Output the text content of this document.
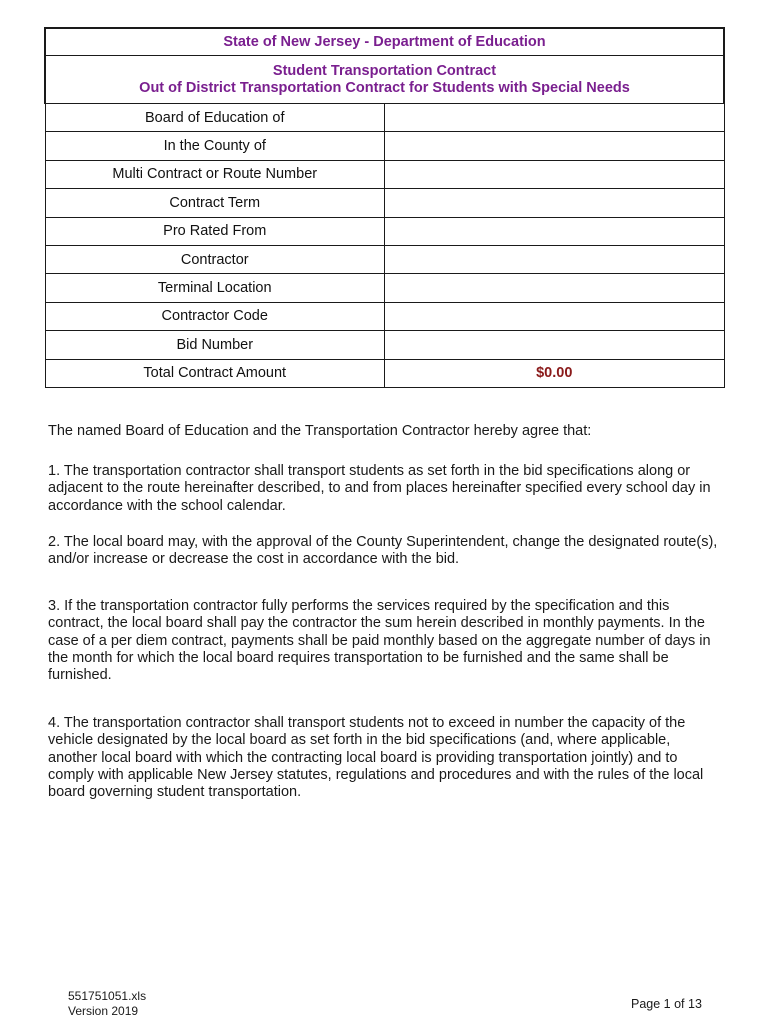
State of New Jersey - Department of Education	

Student Transportation Contract
Out of District Transportation Contract for Students with Special Needs	

Board of Education of	
In the County of	
Multi Contract or Route Number	
Contract Term	
Pro Rated From	
Contractor	
Terminal Location	
Contractor Code	
Bid Number	
Total Contract Amount	$0.00

The named Board of Education and the Transportation Contractor hereby agree that:

1. The transportation contractor shall transport students as set forth in the bid specifications along or adjacent to the route hereinafter described, to and from places hereinafter specified every school day in accordance with the school calendar.

2. The local board may, with the approval of the County Superintendent, change the designated route(s), and/or increase or decrease the cost in accordance with the bid.

3. If the transportation contractor fully performs the services required by the specification and this contract, the local board shall pay the contractor the sum herein described in monthly payments. In the case of a per diem contract, payments shall be paid monthly based on the aggregate number of days in the month for which the local board requires transportation to be furnished and the same shall be furnished.

4. The transportation contractor shall transport students not to exceed in number the capacity of the vehicle designated by the local board as set forth in the bid specifications (and, where applicable, another local board with which the contracting local board is providing transportation jointly) and to comply with applicable New Jersey statutes, regulations and procedures and with the rules of the local board governing student transportation.

551751051.xls
Version 2019	Page 1 of 13
